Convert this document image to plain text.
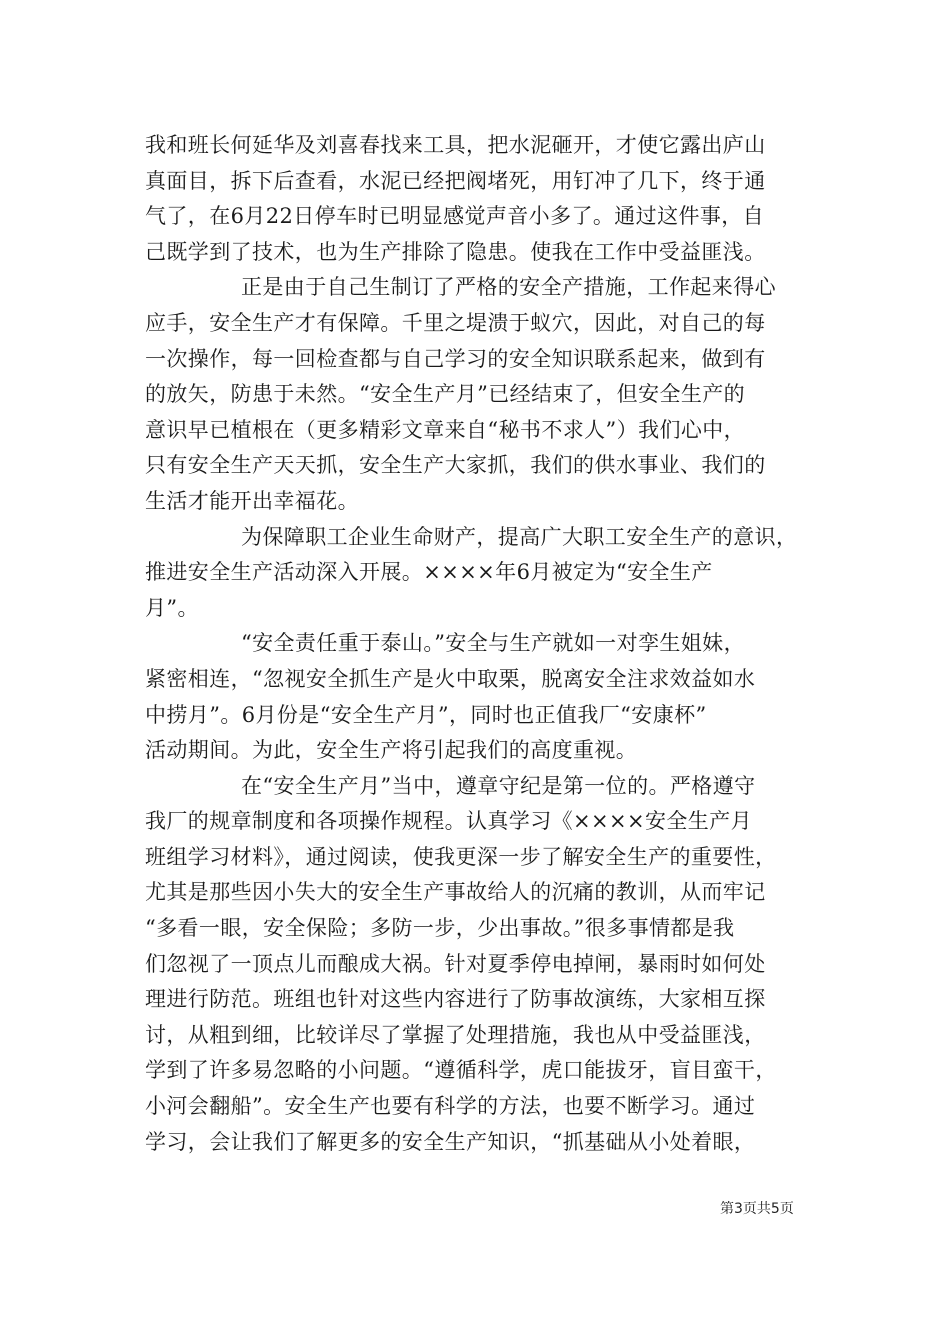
我和班长何延华及刘喜春找来工具，把水泥砸开，才使它露出庐山
真面目，拆下后查看，水泥已经把阀堵死，用钉冲了几下，终于通
气了，在6月22日停车时已明显感觉声音小多了。通过这件事，自
己既学到了技术，也为生产排除了隐患。使我在工作中受益匪浅。
正是由于自己生制订了严格的安全产措施，工作起来得心
应手，安全生产才有保障。千里之堤溃于蚁穴，因此，对自己的每
一次操作，每一回检查都与自己学习的安全知识联系起来，做到有
的放矢，防患于未然。“安全生产月”已经结束了，但安全生产的
意识早已植根在（更多精彩文章来自“秘书不求人”）我们心中，
只有安全生产天天抓，安全生产大家抓，我们的供水事业、我们的
生活才能开出幸福花。
为保障职工企业生命财产，提高广大职工安全生产的意识，
推进安全生产活动深入开展。××××年6月被定为“安全生产
月”。
“安全责任重于泰山。”安全与生产就如一对孪生姐妹，
紧密相连，“忽视安全抓生产是火中取栗，脱离安全注求效益如水
中捞月”。6月份是“安全生产月”，同时也正值我厂“安康杯”
活动期间。为此，安全生产将引起我们的高度重视。
在“安全生产月”当中，遵章守纪是第一位的。严格遵守
我厂的规章制度和各项操作规程。认真学习《××××安全生产月
班组学习材料》，通过阅读，使我更深一步了解安全生产的重要性，
尤其是那些因小失大的安全生产事故给人的沉痛的教训，从而牢记
“多看一眼，安全保险；多防一步，少出事故。”很多事情都是我
们忽视了一顶点儿而酿成大祸。针对夏季停电掉闸，暴雨时如何处
理进行防范。班组也针对这些内容进行了防事故演练，大家相互探
讨，从粗到细，比较详尽了掌握了处理措施，我也从中受益匪浅，
学到了许多易忽略的小问题。“遵循科学，虎口能拔牙，盲目蛮干，
小河会翻船”。安全生产也要有科学的方法，也要不断学习。通过
学习，会让我们了解更多的安全生产知识，“抓基础从小处着眼，
第3页共5页
